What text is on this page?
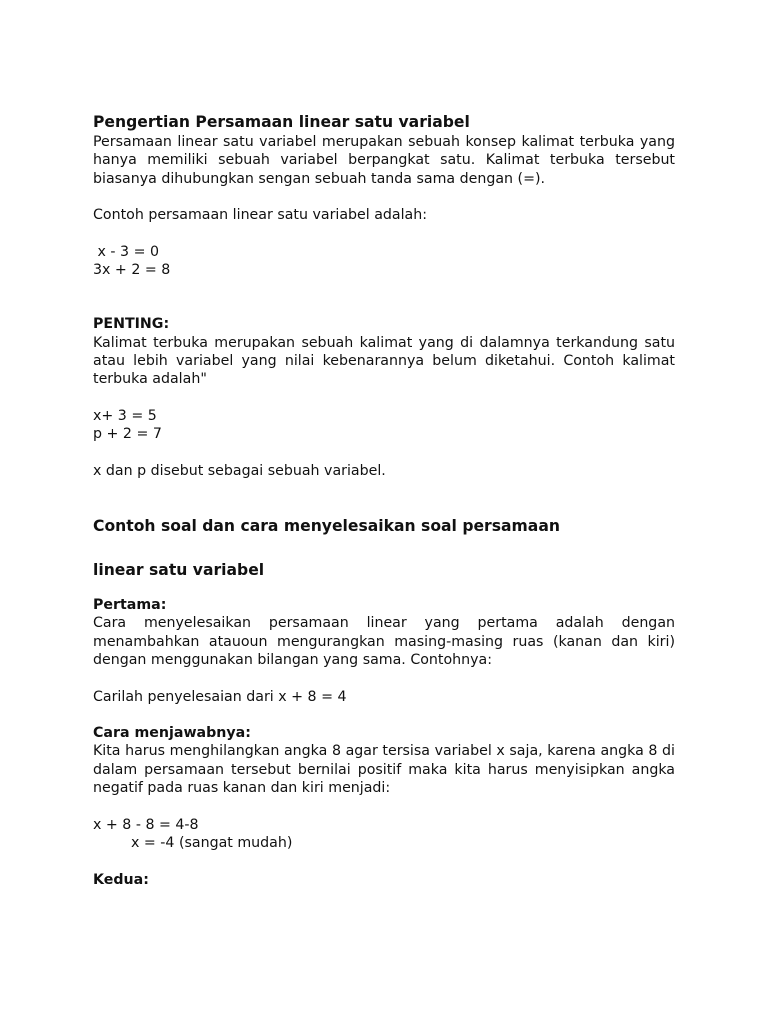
Pengertian Persamaan linear satu variabel

Persamaan linear satu variabel merupakan sebuah konsep kalimat terbuka yang hanya memiliki sebuah variabel berpangkat satu. Kalimat terbuka tersebut biasanya dihubungkan sengan sebuah tanda sama dengan (=).

Contoh persamaan linear satu variabel adalah:

x - 3 = 0

3x + 2 = 8

PENTING:

Kalimat terbuka merupakan sebuah kalimat yang di dalamnya terkandung satu atau lebih variabel yang nilai kebenarannya belum diketahui. Contoh kalimat terbuka adalah"

x+ 3 = 5

p + 2 = 7

x dan p disebut sebagai sebuah variabel.

Contoh soal dan cara menyelesaikan soal persamaan
linear satu variabel

Pertama:

Cara menyelesaikan persamaan linear yang pertama adalah dengan menambahkan atauoun mengurangkan masing-masing ruas (kanan dan kiri) dengan menggunakan bilangan yang sama. Contohnya:

Carilah penyelesaian dari x + 8 = 4

Cara menjawabnya:

Kita harus menghilangkan angka 8 agar tersisa variabel x saja, karena angka 8 di dalam persamaan tersebut bernilai positif maka kita harus menyisipkan angka negatif pada ruas kanan dan kiri menjadi:

x + 8 - 8 = 4-8

x = -4 (sangat mudah)

Kedua:
